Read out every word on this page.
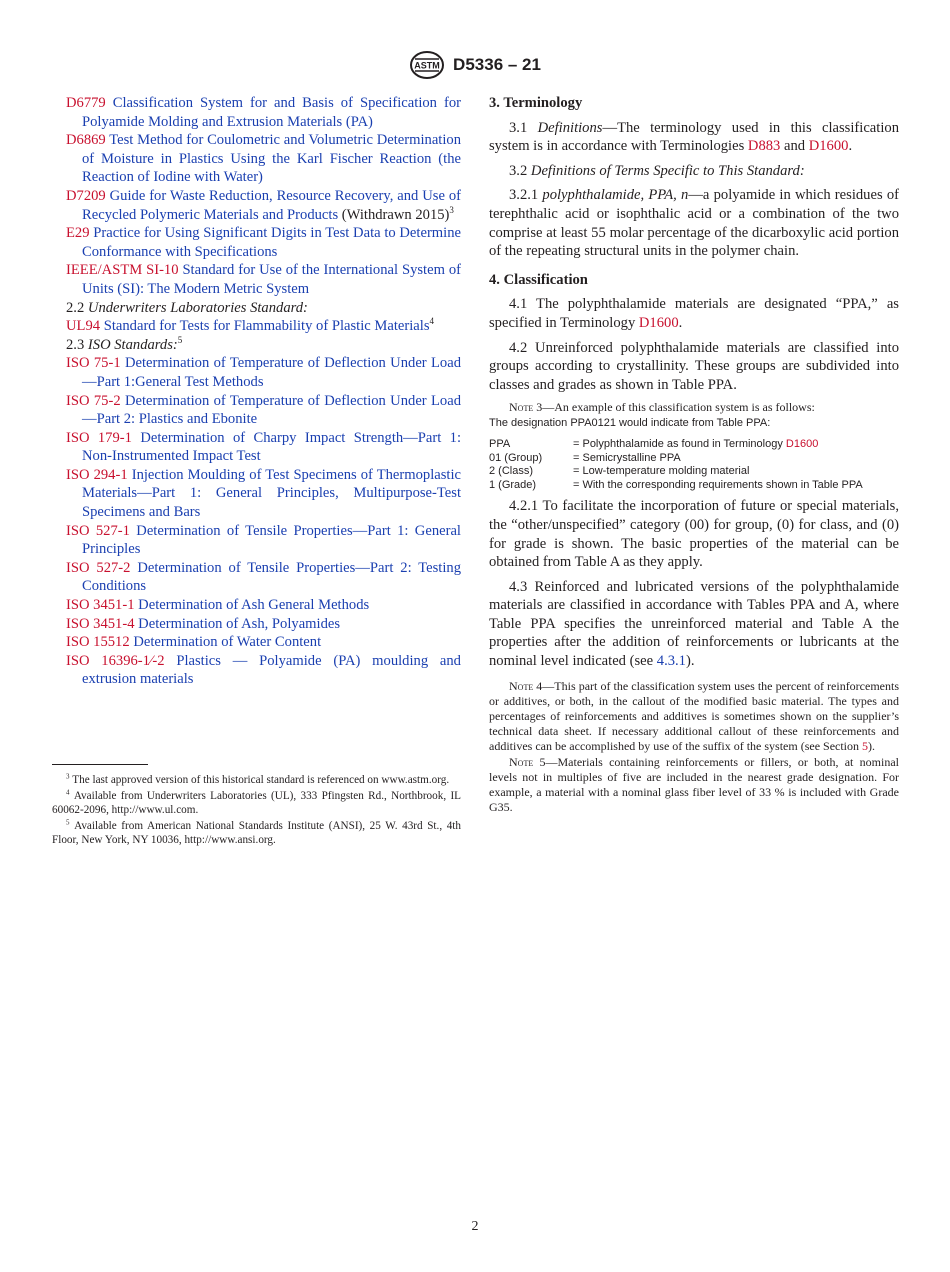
ASTM D5336 – 21

D6779 Classification System for and Basis of Specification for Polyamide Molding and Extrusion Materials (PA)

D6869 Test Method for Coulometric and Volumetric Determination of Moisture in Plastics Using the Karl Fischer Reaction (the Reaction of Iodine with Water)

D7209 Guide for Waste Reduction, Resource Recovery, and Use of Recycled Polymeric Materials and Products (Withdrawn 2015)$^3$

E29 Practice for Using Significant Digits in Test Data to Determine Conformance with Specifications

IEEE/ASTM SI-10 Standard for Use of the International System of Units (SI): The Modern Metric System

2.2 Underwriters Laboratories Standard:

UL94 Standard for Tests for Flammability of Plastic Materials$^4$

2.3 ISO Standards:$^5$

ISO 75-1 Determination of Temperature of Deflection Under Load—Part 1:General Test Methods

ISO 75-2 Determination of Temperature of Deflection Under Load—Part 2: Plastics and Ebonite

ISO 179-1 Determination of Charpy Impact Strength—Part 1: Non-Instrumented Impact Test

ISO 294-1 Injection Moulding of Test Specimens of Thermoplastic Materials—Part 1: General Principles, Multipurpose-Test Specimens and Bars

ISO 527-1 Determination of Tensile Properties—Part 1: General Principles

ISO 527-2 Determination of Tensile Properties—Part 2: Testing Conditions

ISO 3451-1 Determination of Ash General Methods

ISO 3451-4 Determination of Ash, Polyamides

ISO 15512 Determination of Water Content

ISO 16396-1⁄-2 Plastics — Polyamide (PA) moulding and extrusion materials

$^3$ The last approved version of this historical standard is referenced on www.astm.org.

$^4$ Available from Underwriters Laboratories (UL), 333 Pfingsten Rd., Northbrook, IL 60062-2096, http://www.ul.com.

$^5$ Available from American National Standards Institute (ANSI), 25 W. 43rd St., 4th Floor, New York, NY 10036, http://www.ansi.org.

3. Terminology

3.1 Definitions—The terminology used in this classification system is in accordance with Terminologies D883 and D1600.

3.2 Definitions of Terms Specific to This Standard:

3.2.1 polyphthalamide, PPA, n—a polyamide in which residues of terephthalic acid or isophthalic acid or a combination of the two comprise at least 55 molar percentage of the dicarboxylic acid portion of the repeating structural units in the polymer chain.

4. Classification

4.1 The polyphthalamide materials are designated “PPA,” as specified in Terminology D1600.

4.2 Unreinforced polyphthalamide materials are classified into groups according to crystallinity. These groups are subdivided into classes and grades as shown in Table PPA.

Note 3—An example of this classification system is as follows:

The designation PPA0121 would indicate from Table PPA:
PPA	= Polyphthalamide as found in Terminology D1600
01 (Group)	= Semicrystalline PPA
2 (Class)	= Low-temperature molding material
1 (Grade)	= With the corresponding requirements shown in Table PPA

4.2.1 To facilitate the incorporation of future or special materials, the “other/unspecified” category (00) for group, (0) for class, and (0) for grade is shown. The basic properties of the material can be obtained from Table A as they apply.

4.3 Reinforced and lubricated versions of the polyphthalamide materials are classified in accordance with Tables PPA and A, where Table PPA specifies the unreinforced material and Table A the properties after the addition of reinforcements or lubricants at the nominal level indicated (see 4.3.1).

Note 4—This part of the classification system uses the percent of reinforcements or additives, or both, in the callout of the modified basic material. The types and percentages of reinforcements and additives is sometimes shown on the supplier’s technical data sheet. If necessary additional callout of these reinforcements and additives can be accomplished by use of the suffix of the system (see Section 5).

Note 5—Materials containing reinforcements or fillers, or both, at nominal levels not in multiples of five are included in the nearest grade designation. For example, a material with a nominal glass fiber level of 33 % is included with Grade G35.

2
